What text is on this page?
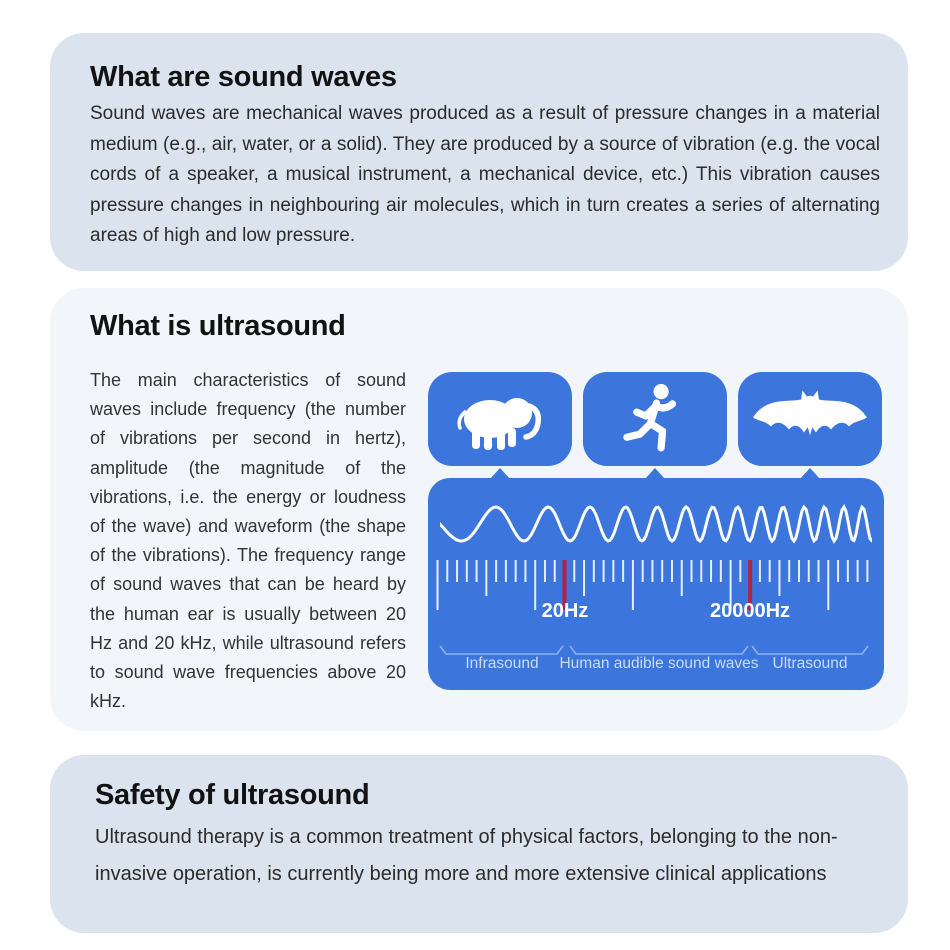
What are sound waves

Sound waves are mechanical waves produced as a result of pressure changes in a material medium (e.g., air, water, or a solid). They are produced by a source of vibration (e.g. the vocal cords of a speaker, a musical instrument, a mechanical device, etc.) This vibration causes pressure changes in neighbouring air molecules, which in turn creates a series of alternating areas of high and low pressure.

What is ultrasound

The main characteristics of sound waves include frequency (the number of vibrations per second in hertz), amplitude (the magnitude of the vibrations, i.e. the energy or loudness of the wave) and waveform (the shape of the vibrations). The frequency range of sound waves that can be heard by the human ear is usually between 20 Hz and 20 kHz, while ultrasound refers to sound wave frequencies above 20 kHz.

20Hz	20000Hz
Infrasound Human audible sound waves Ultrasound
Safety of ultrasound

Ultrasound therapy is a common treatment of physical factors, belonging to the non-invasive operation, is currently being more and more extensive clinical applications
